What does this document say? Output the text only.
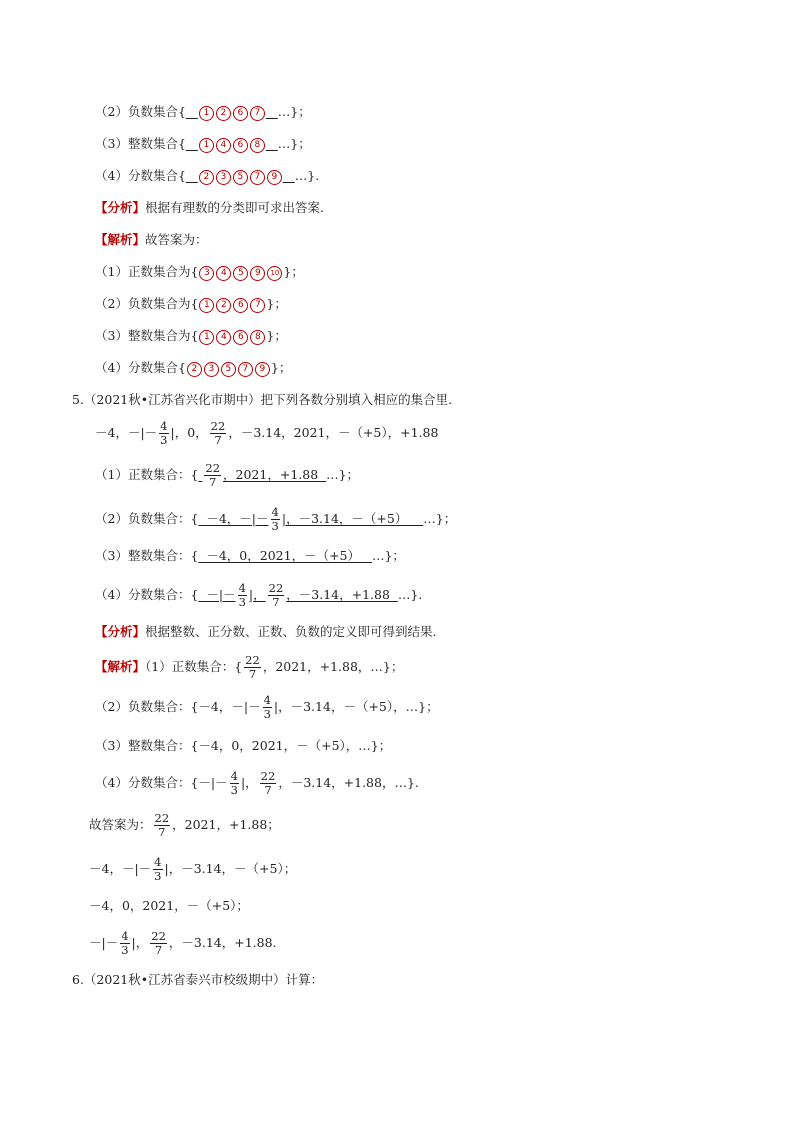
（2）负数集合{ 1 2 6 7 …}；
（3）整数集合{ 1 4 6 8 …}；
（4）分数集合{ 2 3 5 7 9 …}.
【分析】根据有理数的分类即可求出答案.
【解析】故答案为：
（1）正数集合为{ 3 4 5 9 10 }；
（2）负数集合为{ 1 2 6 7 }；
（3）整数集合为{ 1 4 6 8 }；
（4）分数集合{ 2 3 5 7 9 }；
5.（2021秋•江苏省兴化市期中）把下列各数分别填入相应的集合里.
－4，－|－ $\frac{4}{3}$ |，0， $\frac{22}{7}$ ，－3.14，2021，－（+5），+1.88
（1）正数集合：{ $\frac{22}{7}$ ，2021，+1.88 …}；
（2）负数集合：{ －4，－|－ $\frac{4}{3}$ |，－3.14，－（+5） …}；
（3）整数集合：{ －4，0，2021，－（+5） …}；
（4）分数集合：{ －|－ $\frac{4}{3}$ |， $\frac{22}{7}$ ，－3.14，+1.88 …}.
【分析】根据整数、正分数、正数、负数的定义即可得到结果.
【解析】（1）正数集合：{ $\frac{22}{7}$ ，2021，+1.88，…}；
（2）负数集合：{－4，－|－ $\frac{4}{3}$ |，－3.14，－（+5），…}；
（3）整数集合：{－4，0，2021，－（+5），…}；
（4）分数集合：{－|－ $\frac{4}{3}$ |， $\frac{22}{7}$ ，－3.14，+1.88，…}.
故答案为： $\frac{22}{7}$ ，2021，+1.88；
－4，－|－ $\frac{4}{3}$ |，－3.14，－（+5）；
－4，0，2021，－（+5）；
－|－ $\frac{4}{3}$ |， $\frac{22}{7}$ ，－3.14，+1.88.
6.（2021秋•江苏省泰兴市校级期中）计算：
